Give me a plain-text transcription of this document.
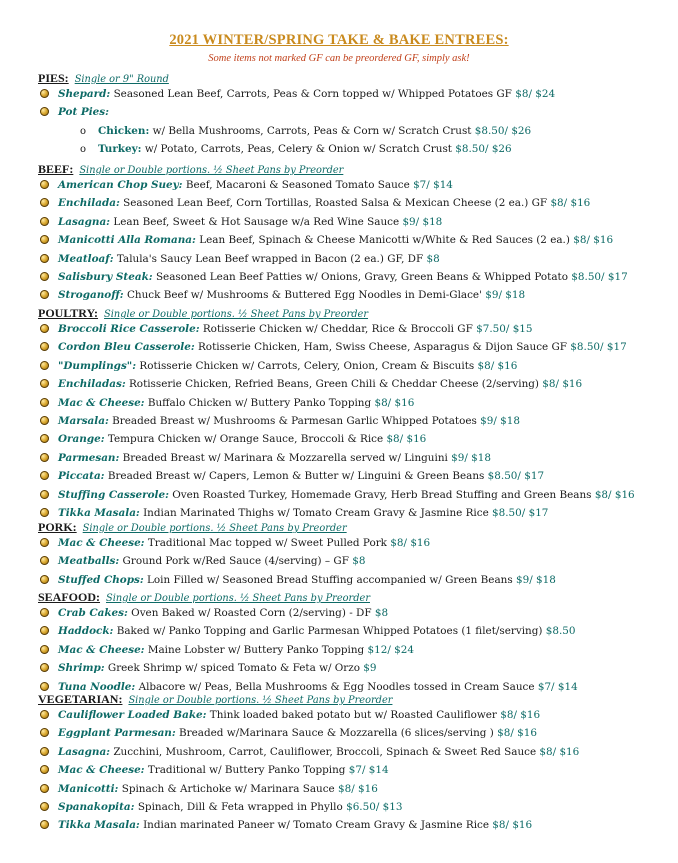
2021 WINTER/SPRING TAKE & BAKE ENTREES:
Some items not marked GF can be preordered GF, simply ask!
PIES: Single or 9" Round
Shepard: Seasoned Lean Beef, Carrots, Peas & Corn topped w/ Whipped Potatoes GF $8/ $24
Pot Pies:
o Chicken: w/ Bella Mushrooms, Carrots, Peas & Corn w/ Scratch Crust $8.50/ $26
o Turkey: w/ Potato, Carrots, Peas, Celery & Onion w/ Scratch Crust $8.50/ $26
BEEF: Single or Double portions. ½ Sheet Pans by Preorder
American Chop Suey: Beef, Macaroni & Seasoned Tomato Sauce $7/ $14
Enchilada: Seasoned Lean Beef, Corn Tortillas, Roasted Salsa & Mexican Cheese (2 ea.) GF $8/ $16
Lasagna: Lean Beef, Sweet & Hot Sausage w/a Red Wine Sauce $9/ $18
Manicotti Alla Romana: Lean Beef, Spinach & Cheese Manicotti w/White & Red Sauces (2 ea.) $8/ $16
Meatloaf: Talula's Saucy Lean Beef wrapped in Bacon (2 ea.) GF, DF $8
Salisbury Steak: Seasoned Lean Beef Patties w/ Onions, Gravy, Green Beans & Whipped Potato $8.50/ $17
Stroganoff: Chuck Beef w/ Mushrooms & Buttered Egg Noodles in Demi-Glace' $9/ $18
POULTRY: Single or Double portions. ½ Sheet Pans by Preorder
Broccoli Rice Casserole: Rotisserie Chicken w/ Cheddar, Rice & Broccoli GF $7.50/ $15
Cordon Bleu Casserole: Rotisserie Chicken, Ham, Swiss Cheese, Asparagus & Dijon Sauce GF $8.50/ $17
"Dumplings": Rotisserie Chicken w/ Carrots, Celery, Onion, Cream & Biscuits $8/ $16
Enchiladas: Rotisserie Chicken, Refried Beans, Green Chili & Cheddar Cheese (2/serving) $8/ $16
Mac & Cheese: Buffalo Chicken w/ Buttery Panko Topping $8/ $16
Marsala: Breaded Breast w/ Mushrooms & Parmesan Garlic Whipped Potatoes $9/ $18
Orange: Tempura Chicken w/ Orange Sauce, Broccoli & Rice $8/ $16
Parmesan: Breaded Breast w/ Marinara & Mozzarella served w/ Linguini $9/ $18
Piccata: Breaded Breast w/ Capers, Lemon & Butter w/ Linguini & Green Beans $8.50/ $17
Stuffing Casserole: Oven Roasted Turkey, Homemade Gravy, Herb Bread Stuffing and Green Beans $8/ $16
Tikka Masala: Indian Marinated Thighs w/ Tomato Cream Gravy & Jasmine Rice $8.50/ $17
PORK: Single or Double portions. ½ Sheet Pans by Preorder
Mac & Cheese: Traditional Mac topped w/ Sweet Pulled Pork $8/ $16
Meatballs: Ground Pork w/Red Sauce (4/serving) – GF $8
Stuffed Chops: Loin Filled w/ Seasoned Bread Stuffing accompanied w/ Green Beans $9/ $18
SEAFOOD: Single or Double portions. ½ Sheet Pans by Preorder
Crab Cakes: Oven Baked w/ Roasted Corn (2/serving) - DF $8
Haddock: Baked w/ Panko Topping and Garlic Parmesan Whipped Potatoes (1 filet/serving) $8.50
Mac & Cheese: Maine Lobster w/ Buttery Panko Topping $12/ $24
Shrimp: Greek Shrimp w/ spiced Tomato & Feta w/ Orzo $9
Tuna Noodle: Albacore w/ Peas, Bella Mushrooms & Egg Noodles tossed in Cream Sauce $7/ $14
VEGETARIAN: Single or Double portions. ½ Sheet Pans by Preorder
Cauliflower Loaded Bake: Think loaded baked potato but w/ Roasted Cauliflower $8/ $16
Eggplant Parmesan: Breaded w/Marinara Sauce & Mozzarella (6 slices/serving ) $8/ $16
Lasagna: Zucchini, Mushroom, Carrot, Cauliflower, Broccoli, Spinach & Sweet Red Sauce $8/ $16
Mac & Cheese: Traditional w/ Buttery Panko Topping $7/ $14
Manicotti: Spinach & Artichoke w/ Marinara Sauce $8/ $16
Spanakopita: Spinach, Dill & Feta wrapped in Phyllo $6.50/ $13
Tikka Masala: Indian marinated Paneer w/ Tomato Cream Gravy & Jasmine Rice $8/ $16
